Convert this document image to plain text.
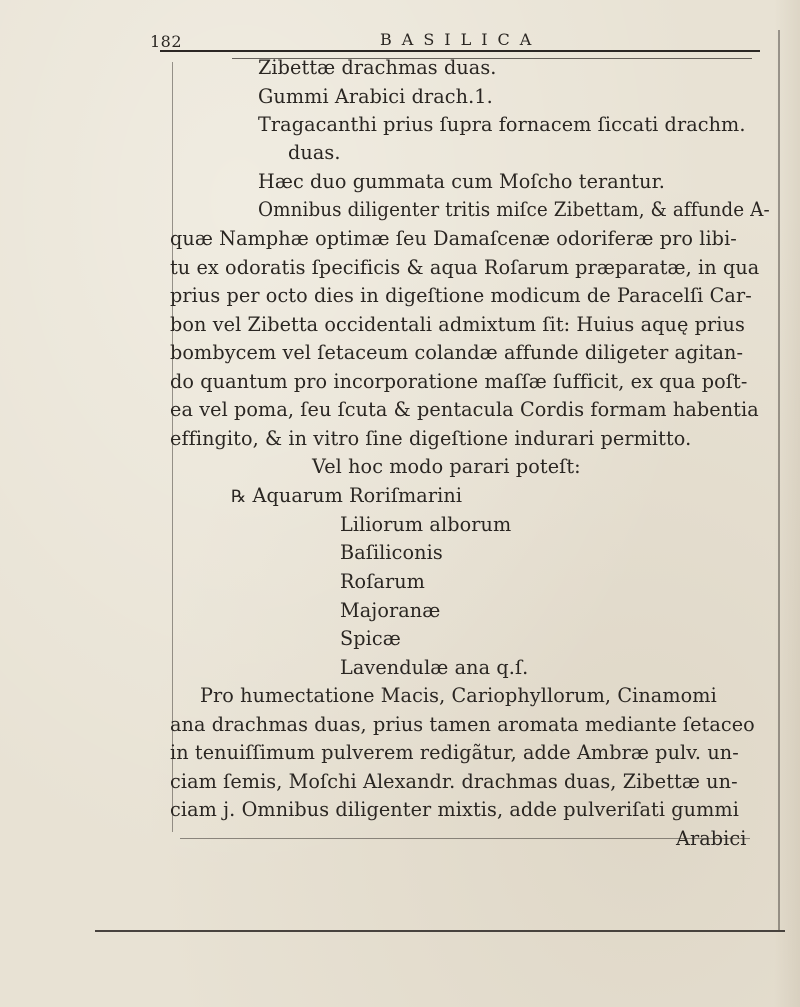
182	BASILICA
Zibettæ drachmas duas.
Gummi Arabici drach.1.
Tragacanthi prius ſupra fornacem ſiccati drachm.
duas.
Hæc duo gummata cum Moſcho terantur.
Omnibus diligenter tritis miſce Zibettam, & affunde A-
quæ Namphæ optimæ ſeu Damaſcenæ odoriferæ pro libi-
tu ex odoratis ſpecificis & aqua Roſarum præparatæ, in qua
prius per octo dies in digeſtione modicum de Paracelſi Car-
bon vel Zibetta occidentali admixtum ſit: Huius aquę prius
bombycem vel ſetaceum colandæ affunde diligeter agitan-
do quantum pro incorporatione maſſæ ſufficit, ex qua poſt-
ea vel poma, ſeu ſcuta & pentacula Cordis formam habentia
effingito, & in vitro ſine digeſtione indurari permitto.
Vel hoc modo parari poteſt:
℞ Aquarum Roriſmarini
Liliorum alborum
Baſiliconis
Roſarum
Majoranæ
Spicæ
Lavendulæ ana q.ſ.
Pro humectatione Macis, Cariophyllorum, Cinamomi
ana drachmas duas, prius tamen aromata mediante ſetaceo
in tenuiſſimum pulverem redigãtur, adde Ambræ pulv. un-
ciam ſemis, Moſchi Alexandr. drachmas duas, Zibettæ un-
ciam j. Omnibus diligenter mixtis, adde pulveriſati gummi
Arabici
